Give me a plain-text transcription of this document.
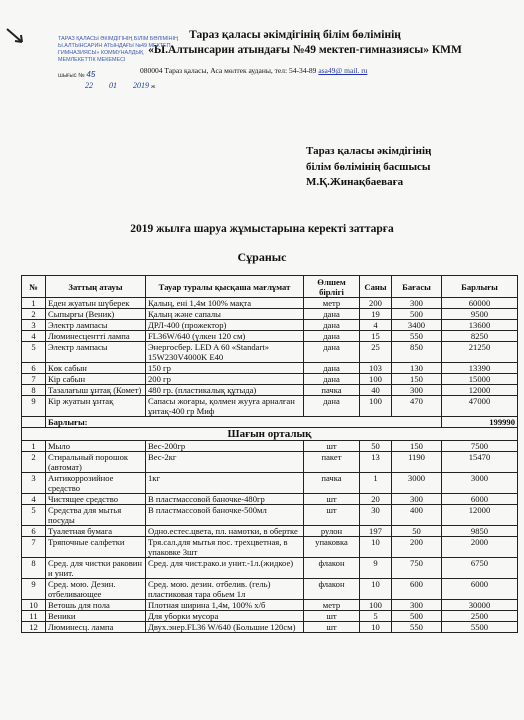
Тараз қаласы әкімдігінің білім бөлімінің
«Ы.Алтынсарин атындағы №49 мектеп-гимназиясы» КММ
ТАРАЗ ҚАЛАСЫ ӘКІМДІГІНІҢ БІЛІМ БӨЛІМІНІҢ
Ы.АЛТЫНСАРИН АТЫНДАҒЫ №49 МЕКТЕП-
ГИМНАЗИЯСЫ» КОММУНАЛДЫҚ
МЕМЛЕКЕТТІК МЕКЕМЕСІ
шығыс № 45	080004 Тараз қаласы, Аса мөлтек ауданы, тел: 54-34-89 asa49@ mail. ru
22 01 2019 ж
Тараз қаласы әкімдігінің
білім бөлімінің басшысы
М.Қ.Жинақбаеваға
2019 жылға шаруа жұмыстарына керекті заттарға
Сұраныс
№	Заттың атауы	Тауар туралы қысқаша мағлұмат	Өлшем бірлігі	Саны	Бағасы	Барлығы
1	Еден жуатын шүберек	Қалың, ені 1,4м 100% мақта	метр	200	300	60000
2	Сыпырғы (Веник)	Қалың және сапалы	дана	19	500	9500
3	Электр лампасы	ДРЛ-400 (прожектор)	дана	4	3400	13600
4	Люминесцентті лампа	FL36W/640 (үлкен 120 см)	дана	15	550	8250
5	Электр лампасы	Энергосбер. LED A 60 «Standart» 15W230V4000K E40	дана	25	850	21250
6	Көк сабын	150 гр	дана	103	130	13390
7	Кір сабын	200 гр	дана	100	150	15000
8	Тазалағыш ұнтақ (Комет)	480 гр. (пластикалық құтыда)	пачка	40	300	12000
9	Кір жуатын ұнтақ	Сапасы жоғары, қолмен жууға арналған ұнтақ-400 гр Миф	дана	100	470	47000
	Барлығы:					199990
Шағын орталық						
1	Мыло	Вес-200гр	шт	50	150	7500
2	Стиральный порошок (автомат)	Вес-2кг	пакет	13	1190	15470
3	Антикоррозийное средство	1кг	пачка	1	3000	3000
4	Чистящее средство	В пластмассовой баночке-480гр	шт	20	300	6000
5	Средства для мытья посуды	В пластмассовой баночке-500мл	шт	30	400	12000
6	Туалетная бумага	Одно.естес.цвета, пл. намотки, в обертке	рулон	197	50	9850
7	Тряпочные салфетки	Тря.сал.для мытья пос. трехцветная, в упаковке 3шт	упаковка	10	200	2000
8	Сред. для чистки раковин и унит.	Сред. для чист.рако.и унит.-1л.(жидкое)	флакон	9	750	6750
9	Сред. мою. Дезин. отбеливающее	Сред. мою. дезин. отбелив. (гель) пластиковая тара обьем 1л	флакон	10	600	6000
10	Ветошь для пола	Плотная ширина 1,4м, 100% х/б	метр	100	300	30000
11	Веники	Для уборки мусора	шт	5	500	2500
12	Люминесц. лампа	Двух.энер.FL36 W/640 (Большие 120см)	шт	10	550	5500
